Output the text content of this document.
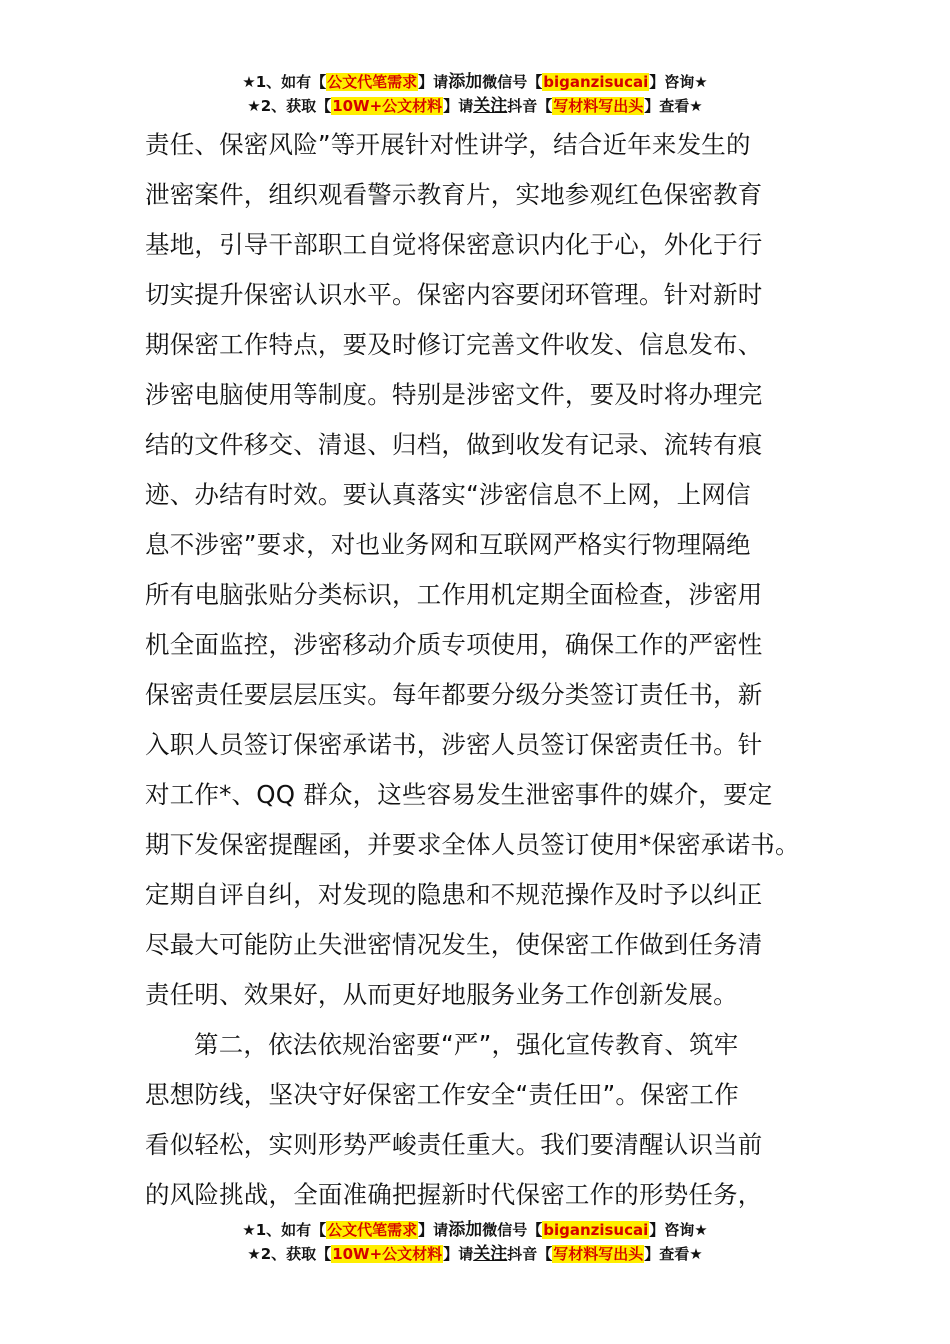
★1、如有【公文代笔需求】请添加微信号【biganzisucai】咨询★
★2、获取【10W+公文材料】请关注抖音【写材料写出头】查看★
责任、保密风险”等开展针对性讲学，结合近年来发生的
泄密案件，组织观看警示教育片，实地参观红色保密教育
基地，引导干部职工自觉将保密意识内化于心，外化于行
切实提升保密认识水平。保密内容要闭环管理。针对新时
期保密工作特点，要及时修订完善文件收发、信息发布、
涉密电脑使用等制度。特别是涉密文件，要及时将办理完
结的文件移交、清退、归档，做到收发有记录、流转有痕
迹、办结有时效。要认真落实“涉密信息不上网，上网信
息不涉密”要求，对也业务网和互联网严格实行物理隔绝
所有电脑张贴分类标识，工作用机定期全面检查，涉密用
机全面监控，涉密移动介质专项使用，确保工作的严密性
保密责任要层层压实。每年都要分级分类签订责任书，新
入职人员签订保密承诺书，涉密人员签订保密责任书。针
对工作*、QQ 群众，这些容易发生泄密事件的媒介，要定
期下发保密提醒函，并要求全体人员签订使用*保密承诺书。
定期自评自纠，对发现的隐患和不规范操作及时予以纠正
尽最大可能防止失泄密情况发生，使保密工作做到任务清
责任明、效果好，从而更好地服务业务工作创新发展。
第二，依法依规治密要“严”，强化宣传教育、筑牢
思想防线，坚决守好保密工作安全“责任田”。保密工作
看似轻松，实则形势严峻责任重大。我们要清醒认识当前
的风险挑战，全面准确把握新时代保密工作的形势任务，
★1、如有【公文代笔需求】请添加微信号【biganzisucai】咨询★
★2、获取【10W+公文材料】请关注抖音【写材料写出头】查看★
